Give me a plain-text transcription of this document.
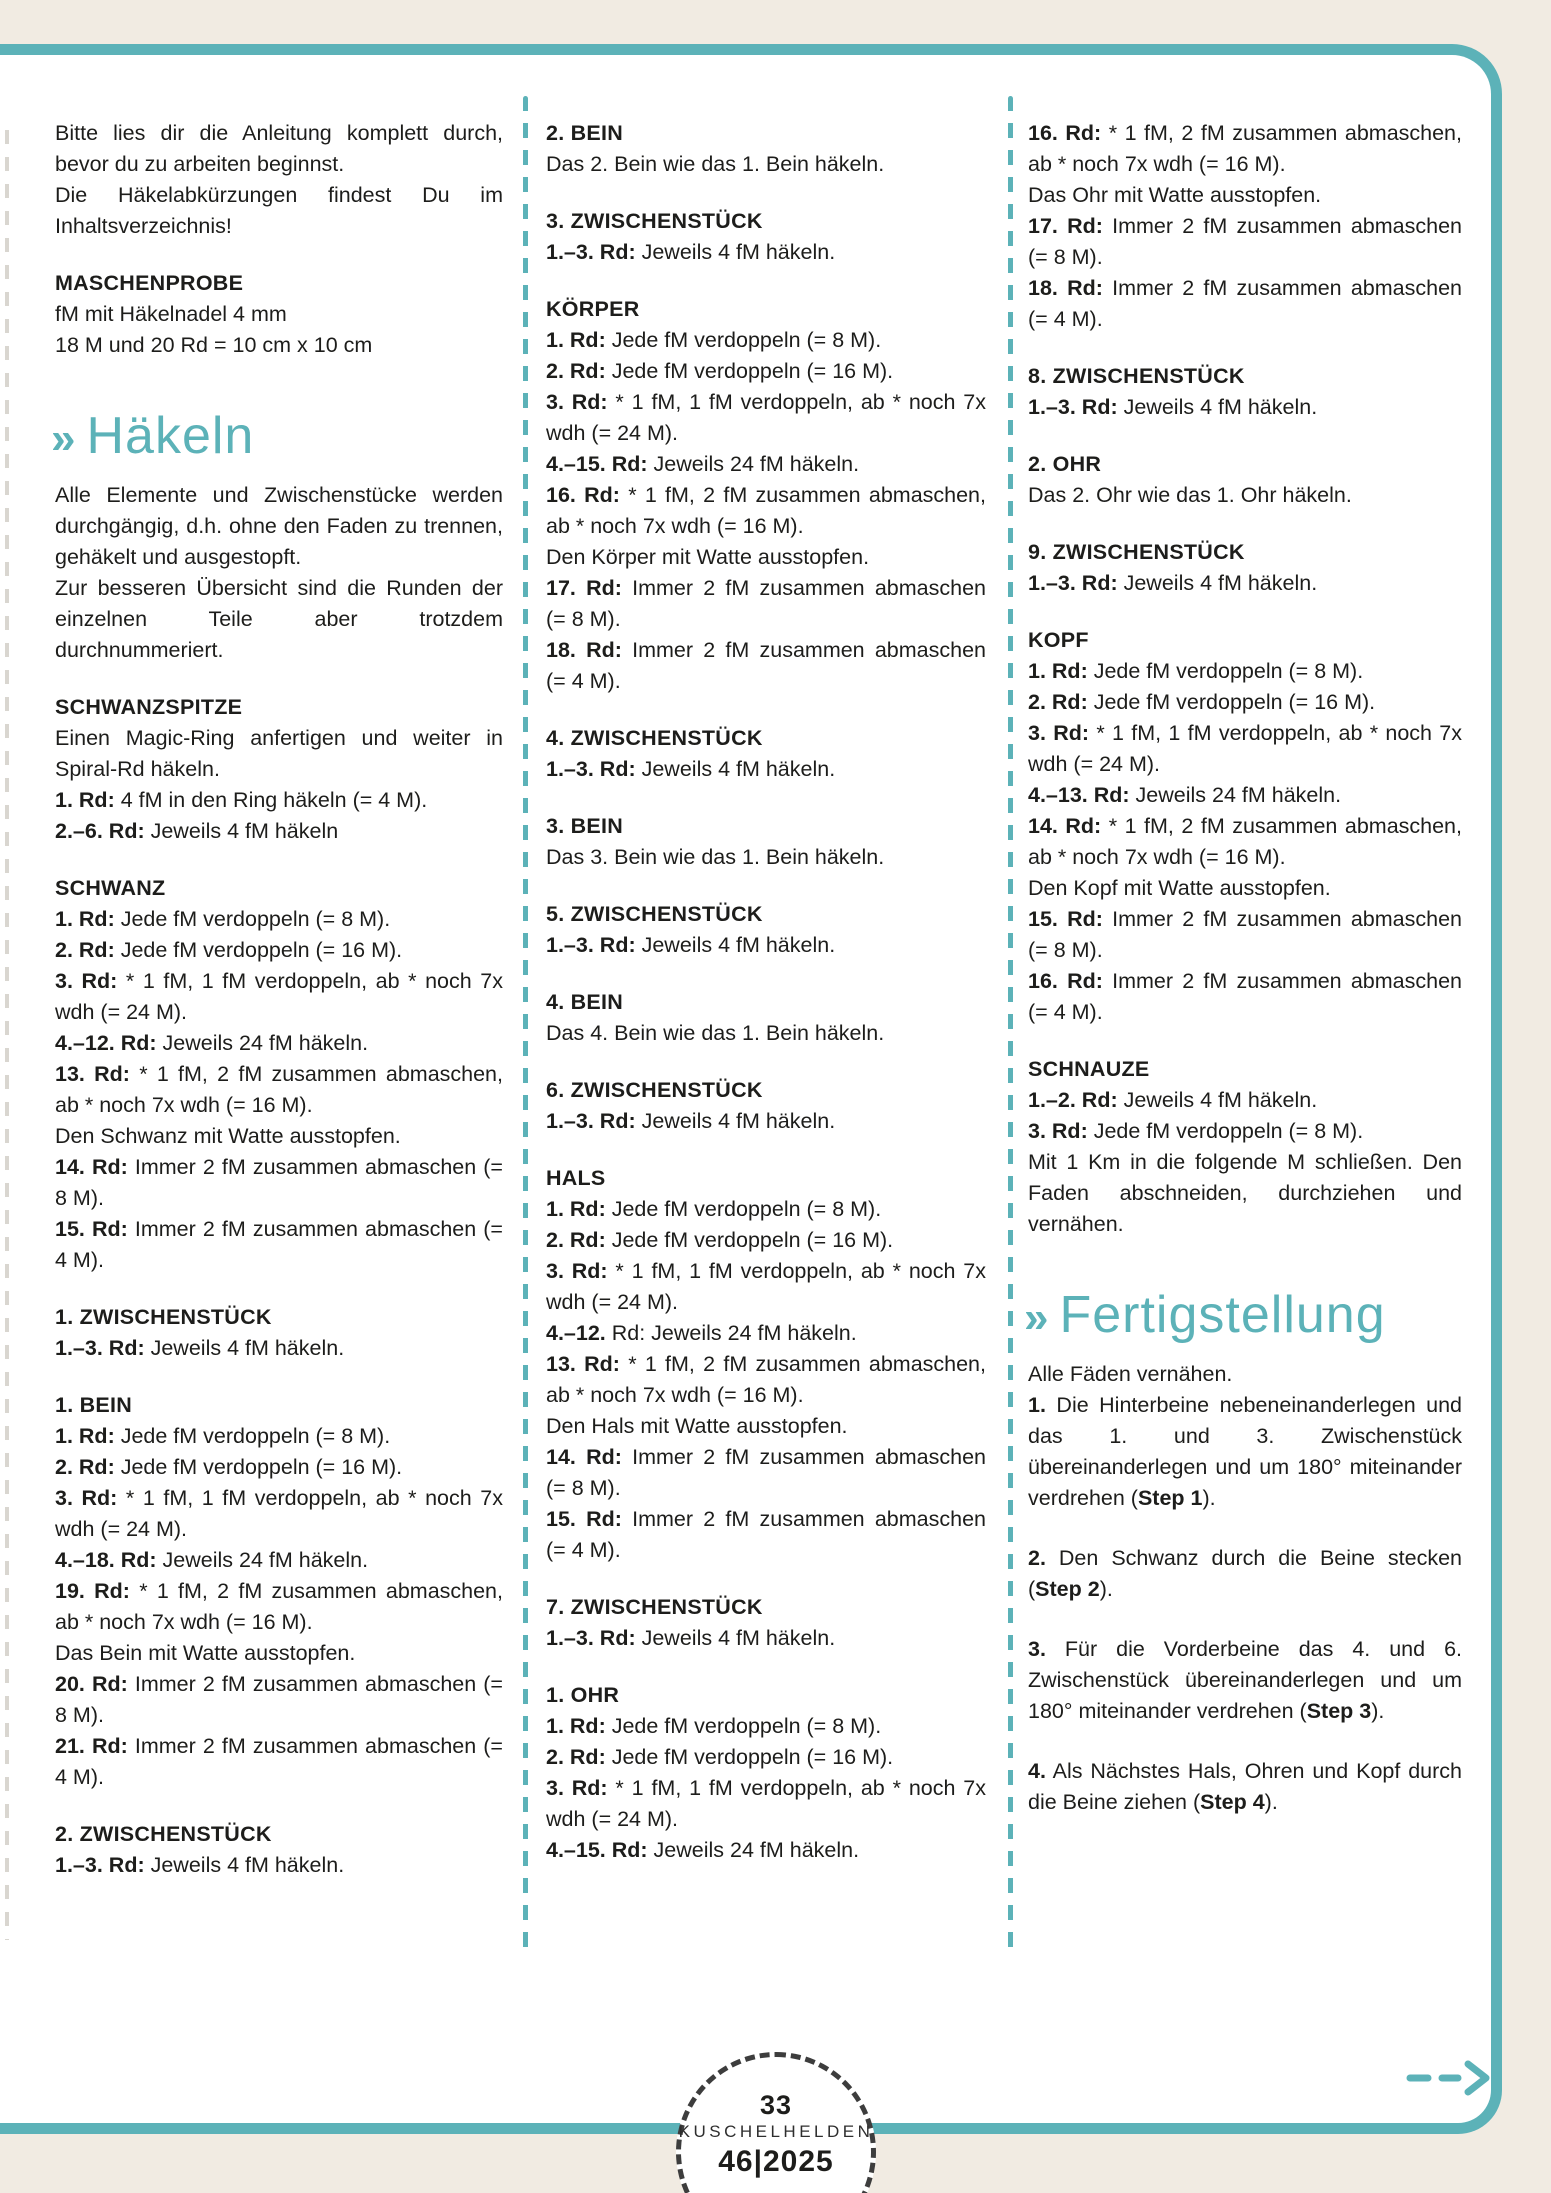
Bitte lies dir die Anleitung komplett durch, bevor du zu arbeiten beginnst.

Die Häkelabkürzungen findest Du im Inhaltsverzeichnis!

MASCHENPROBE

fM mit Häkelnadel 4 mm

18 M und 20 Rd = 10 cm x 10 cm

» Häkeln

Alle Elemente und Zwischenstücke werden durchgängig, d.h. ohne den Faden zu trennen, gehäkelt und ausgestopft.

Zur besseren Übersicht sind die Runden der einzelnen Teile aber trotzdem durchnummeriert.

SCHWANZSPITZE

Einen Magic-Ring anfertigen und weiter in Spiral-Rd häkeln.

1. Rd: 4 fM in den Ring häkeln (= 4 M).

2.–6. Rd: Jeweils 4 fM häkeln

SCHWANZ

1. Rd: Jede fM verdoppeln (= 8 M).

2. Rd: Jede fM verdoppeln (= 16 M).

3. Rd: * 1 fM, 1 fM verdoppeln, ab * noch 7x wdh (= 24 M).

4.–12. Rd: Jeweils 24 fM häkeln.

13. Rd: * 1 fM, 2 fM zusammen abmaschen, ab * noch 7x wdh (= 16 M).

Den Schwanz mit Watte ausstopfen.

14. Rd: Immer 2 fM zusammen abmaschen (= 8 M).

15. Rd: Immer 2 fM zusammen abmaschen (= 4 M).

1. ZWISCHENSTÜCK

1.–3. Rd: Jeweils 4 fM häkeln.

1. BEIN

1. Rd: Jede fM verdoppeln (= 8 M).

2. Rd: Jede fM verdoppeln (= 16 M).

3. Rd: * 1 fM, 1 fM verdoppeln, ab * noch 7x wdh (= 24 M).

4.–18. Rd: Jeweils 24 fM häkeln.

19. Rd: * 1 fM, 2 fM zusammen abmaschen, ab * noch 7x wdh (= 16 M).

Das Bein mit Watte ausstopfen.

20. Rd: Immer 2 fM zusammen abmaschen (= 8 M).

21. Rd: Immer 2 fM zusammen abmaschen (= 4 M).

2. ZWISCHENSTÜCK

1.–3. Rd: Jeweils 4 fM häkeln.

2. BEIN

Das 2. Bein wie das 1. Bein häkeln.

3. ZWISCHENSTÜCK

1.–3. Rd: Jeweils 4 fM häkeln.

KÖRPER

1. Rd: Jede fM verdoppeln (= 8 M).

2. Rd: Jede fM verdoppeln (= 16 M).

3. Rd: * 1 fM, 1 fM verdoppeln, ab * noch 7x wdh (= 24 M).

4.–15. Rd: Jeweils 24 fM häkeln.

16. Rd: * 1 fM, 2 fM zusammen abmaschen, ab * noch 7x wdh (= 16 M).

Den Körper mit Watte ausstopfen.

17. Rd: Immer 2 fM zusammen abmaschen (= 8 M).

18. Rd: Immer 2 fM zusammen abmaschen (= 4 M).

4. ZWISCHENSTÜCK

1.–3. Rd: Jeweils 4 fM häkeln.

3. BEIN

Das 3. Bein wie das 1. Bein häkeln.

5. ZWISCHENSTÜCK

1.–3. Rd: Jeweils 4 fM häkeln.

4. BEIN

Das 4. Bein wie das 1. Bein häkeln.

6. ZWISCHENSTÜCK

1.–3. Rd: Jeweils 4 fM häkeln.

HALS

1. Rd: Jede fM verdoppeln (= 8 M).

2. Rd: Jede fM verdoppeln (= 16 M).

3. Rd: * 1 fM, 1 fM verdoppeln, ab * noch 7x wdh (= 24 M).

4.–12. Rd: Jeweils 24 fM häkeln.

13. Rd: * 1 fM, 2 fM zusammen abmaschen, ab * noch 7x wdh (= 16 M).

Den Hals mit Watte ausstopfen.

14. Rd: Immer 2 fM zusammen abmaschen (= 8 M).

15. Rd: Immer 2 fM zusammen abmaschen (= 4 M).

7. ZWISCHENSTÜCK

1.–3. Rd: Jeweils 4 fM häkeln.

1. OHR

1. Rd: Jede fM verdoppeln (= 8 M).

2. Rd: Jede fM verdoppeln (= 16 M).

3. Rd: * 1 fM, 1 fM verdoppeln, ab * noch 7x wdh (= 24 M).

4.–15. Rd: Jeweils 24 fM häkeln.

16. Rd: * 1 fM, 2 fM zusammen abmaschen, ab * noch 7x wdh (= 16 M).

Das Ohr mit Watte ausstopfen.

17. Rd: Immer 2 fM zusammen abmaschen (= 8 M).

18. Rd: Immer 2 fM zusammen abmaschen (= 4 M).

8. ZWISCHENSTÜCK

1.–3. Rd: Jeweils 4 fM häkeln.

2. OHR

Das 2. Ohr wie das 1. Ohr häkeln.

9. ZWISCHENSTÜCK

1.–3. Rd: Jeweils 4 fM häkeln.

KOPF

1. Rd: Jede fM verdoppeln (= 8 M).

2. Rd: Jede fM verdoppeln (= 16 M).

3. Rd: * 1 fM, 1 fM verdoppeln, ab * noch 7x wdh (= 24 M).

4.–13. Rd: Jeweils 24 fM häkeln.

14. Rd: * 1 fM, 2 fM zusammen abmaschen, ab * noch 7x wdh (= 16 M).

Den Kopf mit Watte ausstopfen.

15. Rd: Immer 2 fM zusammen abmaschen (= 8 M).

16. Rd: Immer 2 fM zusammen abmaschen (= 4 M).

SCHNAUZE

1.–2. Rd: Jeweils 4 fM häkeln.

3. Rd: Jede fM verdoppeln (= 8 M).

Mit 1 Km in die folgende M schließen. Den Faden abschneiden, durchziehen und vernähen.

» Fertigstellung

Alle Fäden vernähen.

1. Die Hinterbeine nebeneinanderlegen und das 1. und 3. Zwischenstück übereinanderlegen und um 180° miteinander verdrehen (Step 1).

2. Den Schwanz durch die Beine stecken (Step 2).

3. Für die Vorderbeine das 4. und 6. Zwischenstück übereinanderlegen und um 180° miteinander verdrehen (Step 3).

4. Als Nächstes Hals, Ohren und Kopf durch die Beine ziehen (Step 4).

33
KUSCHELHELDEN
46|2025
